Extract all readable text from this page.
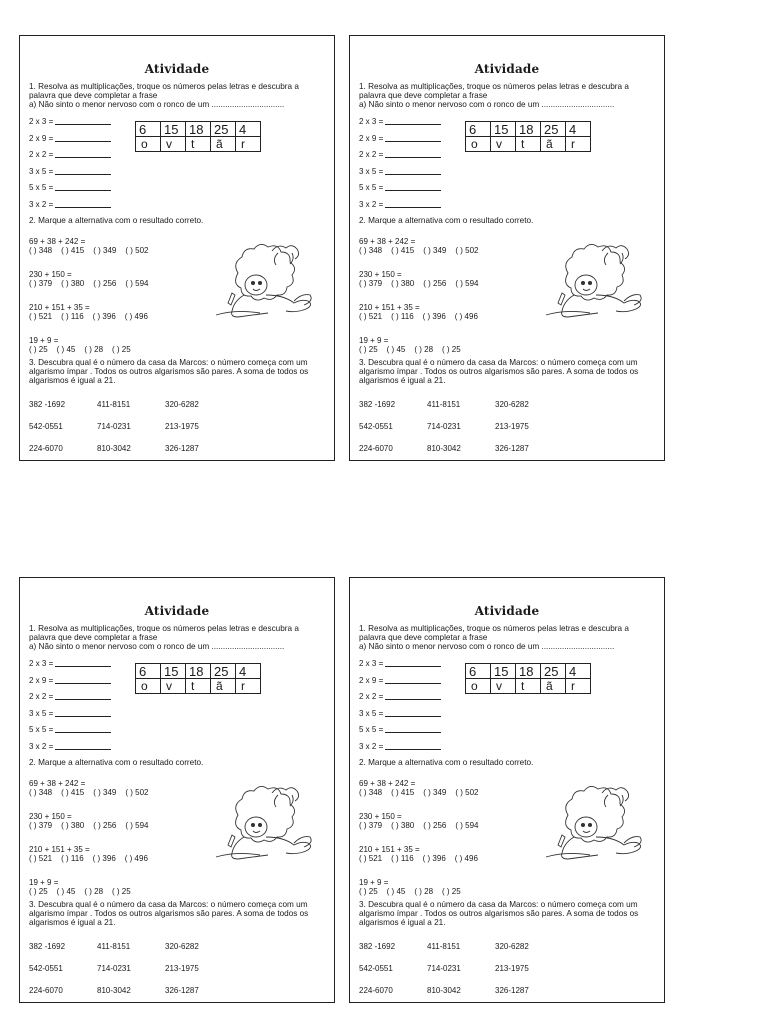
Atividade
1. Resolva as multiplicações, troque os números pelas letras e descubra a palavra que deve completar a frase
a) Não sinto o menor nervoso com o ronco de um ................................
2 x 3 =
2 x 9 =
2 x 2 =
3 x 5 =
5 x 5 =
3 x 2 =
6	15	18	25	4
o	v	t	ã	r
2. Marque a alternativa com o resultado correto.
69 + 38 + 242 =
( ) 348 ( ) 415 ( ) 349 ( ) 502
230 + 150 =
( ) 379 ( ) 380 ( ) 256 ( ) 594
210 + 151 + 35 =
( ) 521 ( ) 116 ( ) 396 ( ) 496
19 + 9 =
( ) 25 ( ) 45 ( ) 28 ( ) 25
3. Descubra qual é o número da casa da Marcos: o número começa com um algarismo ímpar . Todos os outros algarismos são pares. A soma de todos os algarismos é igual a 21.
382 -1692	411-8151	320-6282
542-0551	714-0231	213-1975
224-6070	810-3042	326-1287
Atividade
1. Resolva as multiplicações, troque os números pelas letras e descubra a palavra que deve completar a frase
a) Não sinto o menor nervoso com o ronco de um ................................
2 x 3 =
2 x 9 =
2 x 2 =
3 x 5 =
5 x 5 =
3 x 2 =
6	15	18	25	4
o	v	t	ã	r
2. Marque a alternativa com o resultado correto.
69 + 38 + 242 =
( ) 348 ( ) 415 ( ) 349 ( ) 502
230 + 150 =
( ) 379 ( ) 380 ( ) 256 ( ) 594
210 + 151 + 35 =
( ) 521 ( ) 116 ( ) 396 ( ) 496
19 + 9 =
( ) 25 ( ) 45 ( ) 28 ( ) 25
3. Descubra qual é o número da casa da Marcos: o número começa com um algarismo ímpar . Todos os outros algarismos são pares. A soma de todos os algarismos é igual a 21.
382 -1692	411-8151	320-6282
542-0551	714-0231	213-1975
224-6070	810-3042	326-1287
Atividade
1. Resolva as multiplicações, troque os números pelas letras e descubra a palavra que deve completar a frase
a) Não sinto o menor nervoso com o ronco de um ................................
2 x 3 =
2 x 9 =
2 x 2 =
3 x 5 =
5 x 5 =
3 x 2 =
6	15	18	25	4
o	v	t	ã	r
2. Marque a alternativa com o resultado correto.
69 + 38 + 242 =
( ) 348 ( ) 415 ( ) 349 ( ) 502
230 + 150 =
( ) 379 ( ) 380 ( ) 256 ( ) 594
210 + 151 + 35 =
( ) 521 ( ) 116 ( ) 396 ( ) 496
19 + 9 =
( ) 25 ( ) 45 ( ) 28 ( ) 25
3. Descubra qual é o número da casa da Marcos: o número começa com um algarismo ímpar . Todos os outros algarismos são pares. A soma de todos os algarismos é igual a 21.
382 -1692	411-8151	320-6282
542-0551	714-0231	213-1975
224-6070	810-3042	326-1287
Atividade
1. Resolva as multiplicações, troque os números pelas letras e descubra a palavra que deve completar a frase
a) Não sinto o menor nervoso com o ronco de um ................................
2 x 3 =
2 x 9 =
2 x 2 =
3 x 5 =
5 x 5 =
3 x 2 =
6	15	18	25	4
o	v	t	ã	r
2. Marque a alternativa com o resultado correto.
69 + 38 + 242 =
( ) 348 ( ) 415 ( ) 349 ( ) 502
230 + 150 =
( ) 379 ( ) 380 ( ) 256 ( ) 594
210 + 151 + 35 =
( ) 521 ( ) 116 ( ) 396 ( ) 496
19 + 9 =
( ) 25 ( ) 45 ( ) 28 ( ) 25
3. Descubra qual é o número da casa da Marcos: o número começa com um algarismo ímpar . Todos os outros algarismos são pares. A soma de todos os algarismos é igual a 21.
382 -1692	411-8151	320-6282
542-0551	714-0231	213-1975
224-6070	810-3042	326-1287
